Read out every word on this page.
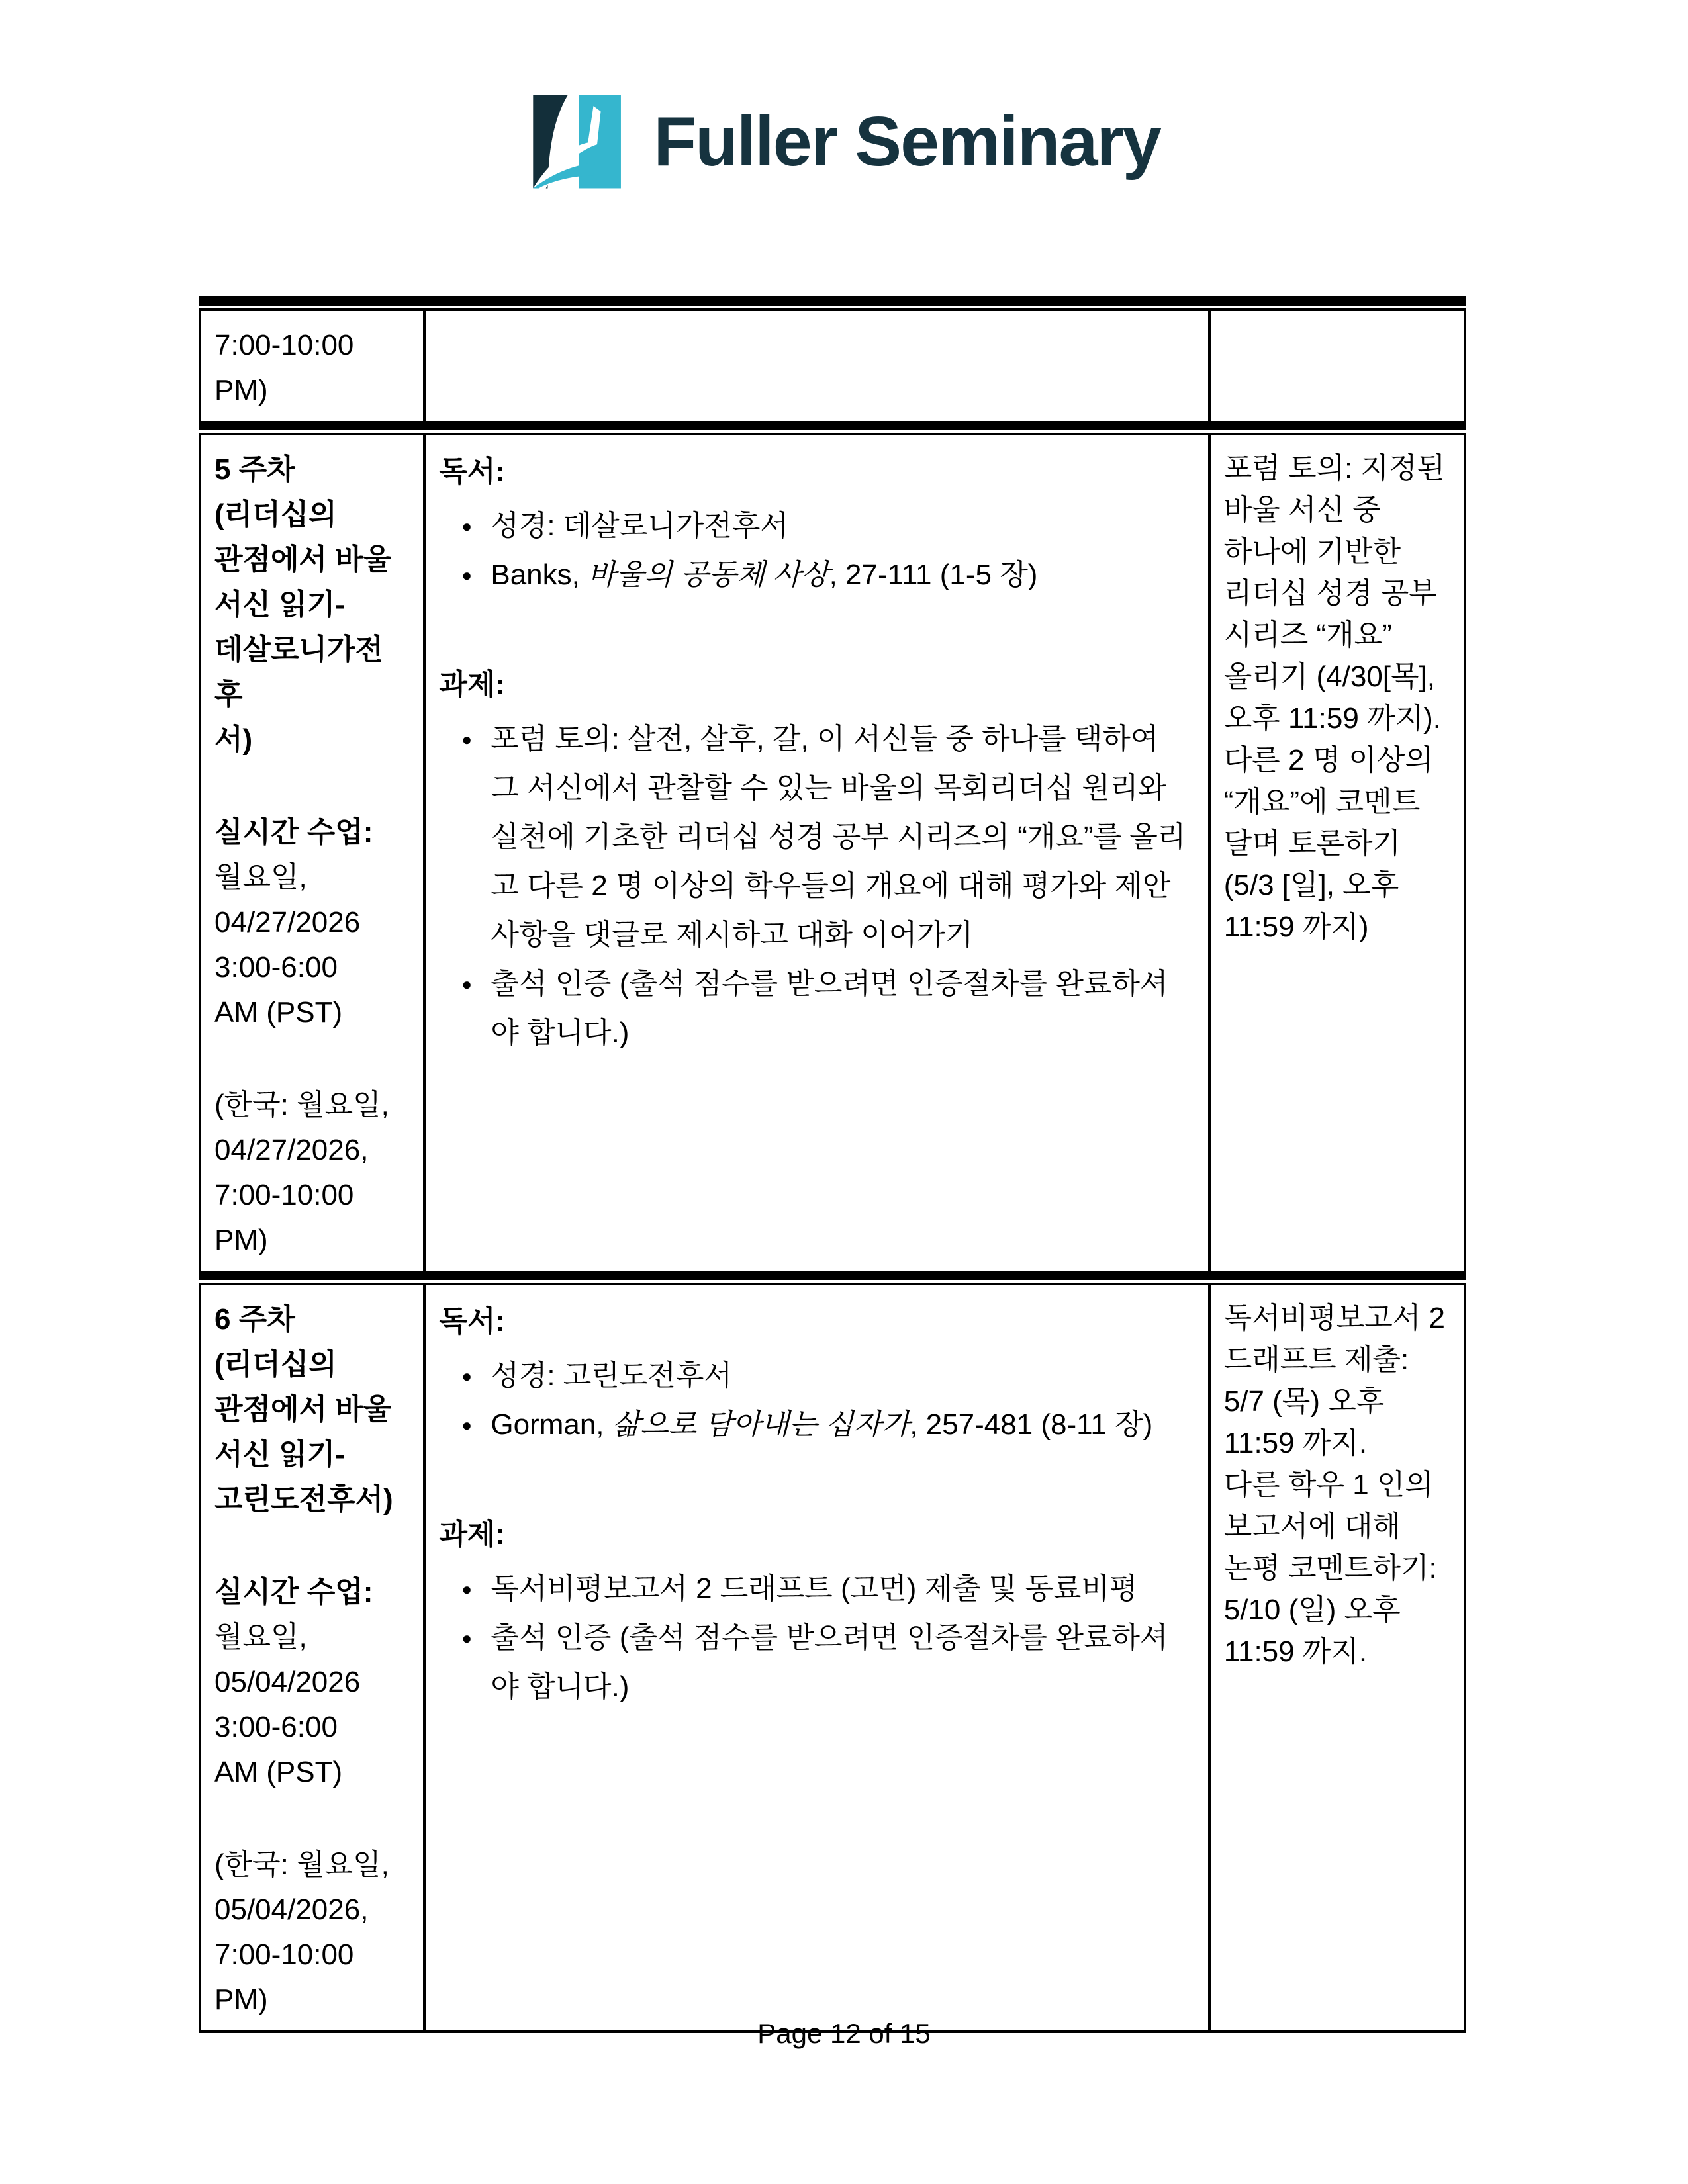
Fuller Seminary
7:00-10:00
PM)
5 주차
(리더십의
관점에서 바울
서신 읽기-
데살로니가전후
서)
실시간 수업:
월요일,
04/27/2026
3:00-6:00
AM (PST)
(한국: 월요일,
04/27/2026,
7:00-10:00
PM)
독서:
● 성경: 데살로니가전후서
● Banks, 바울의 공동체 사상, 27-111 (1-5 장)
과제:
● 포럼 토의: 살전, 살후, 갈, 이 서신들 중 하나를 택하여 그 서신에서 관찰할 수 있는 바울의 목회리더십 원리와 실천에 기초한 리더십 성경 공부 시리즈의 “개요”를 올리고 다른 2 명 이상의 학우들의 개요에 대해 평가와 제안 사항을 댓글로 제시하고 대화 이어가기
● 출석 인증 (출석 점수를 받으려면 인증절차를 완료하셔야 합니다.)
포럼 토의: 지정된
바울 서신 중
하나에 기반한
리더십 성경 공부
시리즈 “개요”
올리기 (4/30[목],
오후 11:59 까지).
다른 2 명 이상의
“개요”에 코멘트
달며 토론하기
(5/3 [일], 오후
11:59 까지)
6 주차
(리더십의
관점에서 바울
서신 읽기-
고린도전후서)
실시간 수업:
월요일,
05/04/2026
3:00-6:00
AM (PST)
(한국: 월요일,
05/04/2026,
7:00-10:00
PM)
독서:
● 성경: 고린도전후서
● Gorman, 삶으로 담아내는 십자가, 257-481 (8-11 장)
과제:
● 독서비평보고서 2 드래프트 (고먼) 제출 및 동료비평
● 출석 인증 (출석 점수를 받으려면 인증절차를 완료하셔야 합니다.)
독서비평보고서 2
드래프트 제출:
5/7 (목) 오후
11:59 까지.
다른 학우 1 인의
보고서에 대해
논평 코멘트하기:
5/10 (일) 오후
11:59 까지.
Page 12 of 15
